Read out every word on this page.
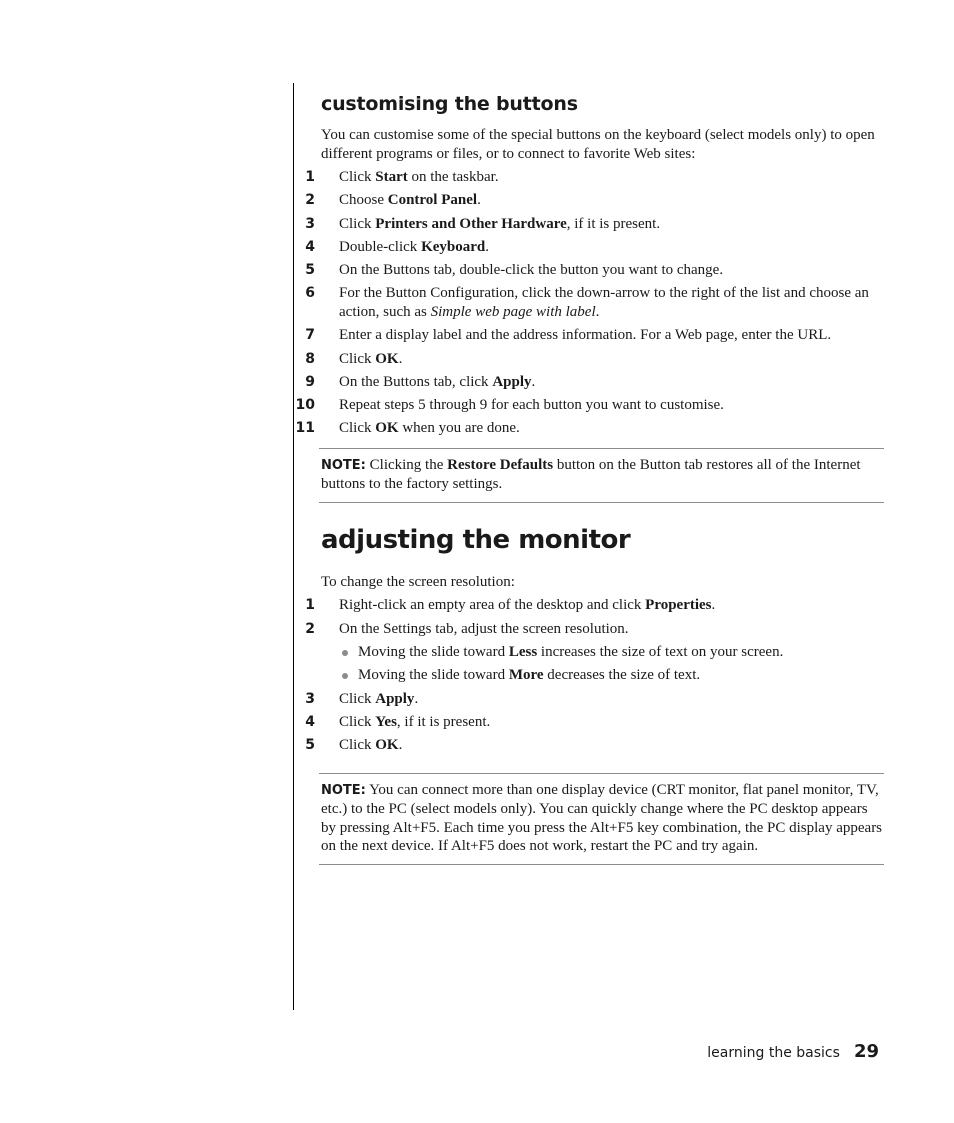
customising the buttons

You can customise some of the special buttons on the keyboard (select models only) to open different programs or files, or to connect to favorite Web sites:

1	Click Start on the taskbar.
2	Choose Control Panel.
3	Click Printers and Other Hardware, if it is present.
4	Double-click Keyboard.
5	On the Buttons tab, double-click the button you want to change.
6	For the Button Configuration, click the down-arrow to the right of the list and choose an action, such as Simple web page with label.
7	Enter a display label and the address information. For a Web page, enter the URL.
8	Click OK.
9	On the Buttons tab, click Apply.
10	Repeat steps 5 through 9 for each button you want to customise.
11	Click OK when you are done.
NOTE: Clicking the Restore Defaults button on the Button tab restores all of the Internet buttons to the factory settings.
adjusting the monitor

To change the screen resolution:

1	Right-click an empty area of the desktop and click Properties.
2	On the Settings tab, adjust the screen resolution.
Moving the slide toward Less increases the size of text on your screen.
Moving the slide toward More decreases the size of text.
3	Click Apply.
4	Click Yes, if it is present.
5	Click OK.
NOTE: You can connect more than one display device (CRT monitor, flat panel monitor, TV, etc.) to the PC (select models only). You can quickly change where the PC desktop appears by pressing Alt+F5. Each time you press the Alt+F5 key combination, the PC display appears on the next device. If Alt+F5 does not work, restart the PC and try again.
learning the basics 29
